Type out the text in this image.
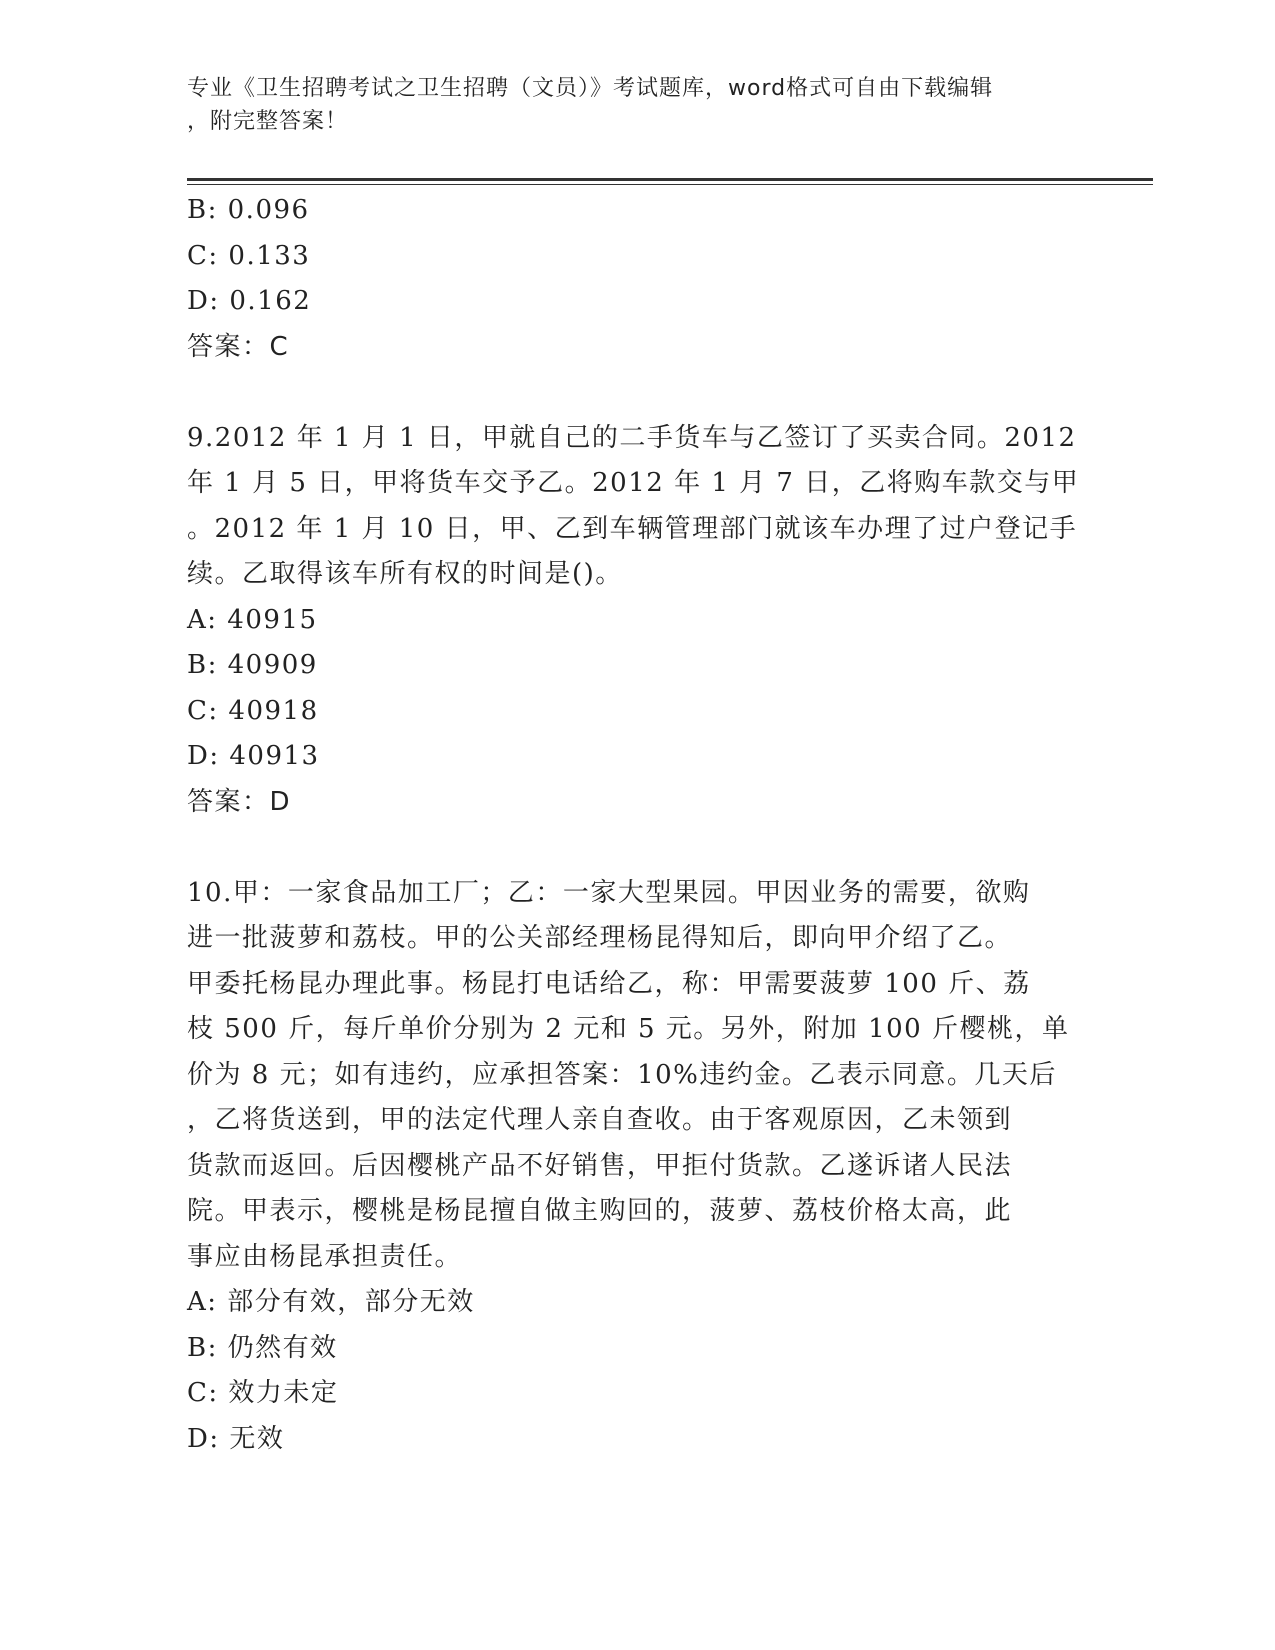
专业《卫生招聘考试之卫生招聘（文员）》考试题库，word格式可自由下载编辑
，附完整答案！
B: 0.096
C: 0.133
D: 0.162
答案：C
9.2012 年 1 月 1 日，甲就自己的二手货车与乙签订了买卖合同。2012
年 1 月 5 日，甲将货车交予乙。2012 年 1 月 7 日，乙将购车款交与甲
。2012 年 1 月 10 日，甲、乙到车辆管理部门就该车办理了过户登记手
续。乙取得该车所有权的时间是()。
A: 40915
B: 40909
C: 40918
D: 40913
答案：D
10.甲：一家食品加工厂；乙：一家大型果园。甲因业务的需要，欲购
进一批菠萝和荔枝。甲的公关部经理杨昆得知后，即向甲介绍了乙。
甲委托杨昆办理此事。杨昆打电话给乙，称：甲需要菠萝 100 斤、荔
枝 500 斤，每斤单价分别为 2 元和 5 元。另外，附加 100 斤樱桃，单
价为 8 元；如有违约，应承担答案：10%违约金。乙表示同意。几天后
，乙将货送到，甲的法定代理人亲自查收。由于客观原因，乙未领到
货款而返回。后因樱桃产品不好销售，甲拒付货款。乙遂诉诸人民法
院。甲表示，樱桃是杨昆擅自做主购回的，菠萝、荔枝价格太高，此
事应由杨昆承担责任。
A: 部分有效，部分无效
B: 仍然有效
C: 效力未定
D: 无效
